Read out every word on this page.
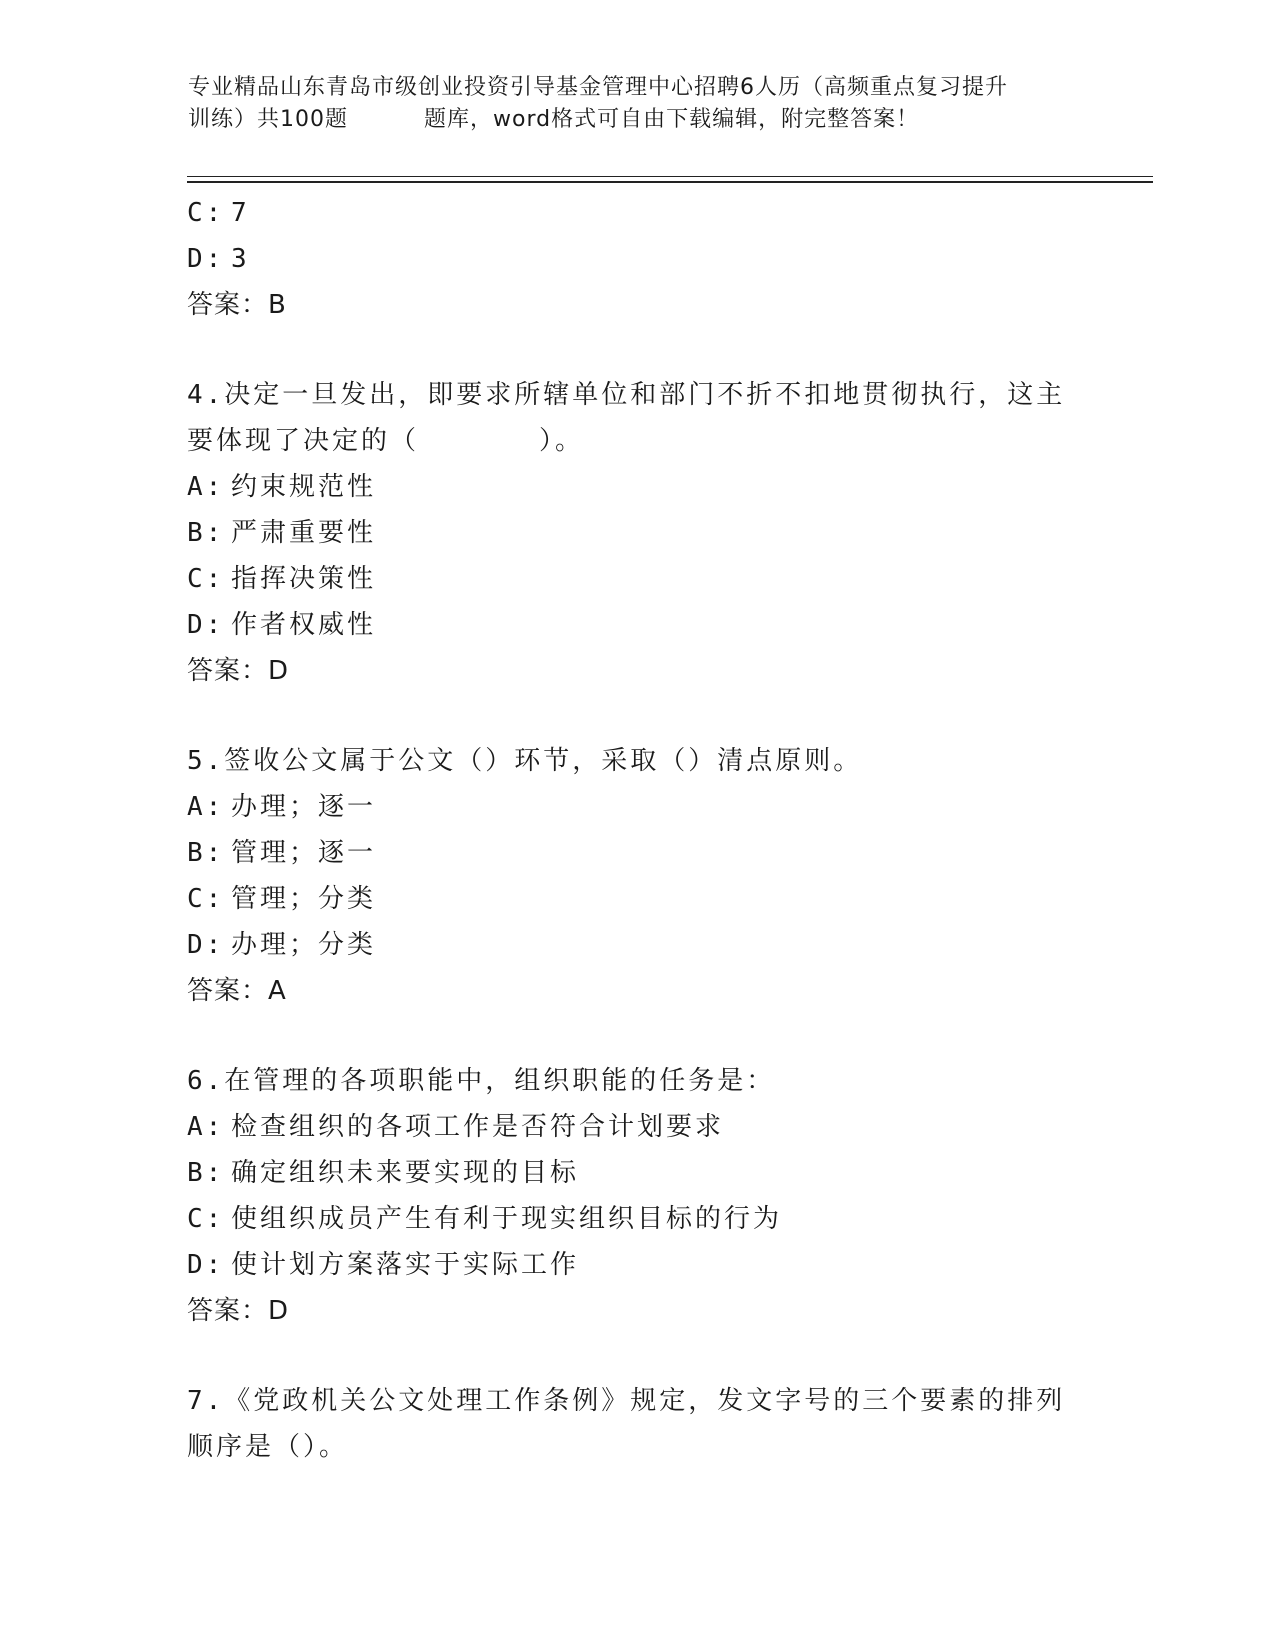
专业精品山东青岛市级创业投资引导基金管理中心招聘6人历（高频重点复习提升
训练）共100题	题库，word格式可自由下载编辑，附完整答案！
C: 7
D: 3
答案：B
4.决定一旦发出，即要求所辖单位和部门不折不扣地贯彻执行，这主
要体现了决定的（	）。
A: 约束规范性
B: 严肃重要性
C: 指挥决策性
D: 作者权威性
答案：D
5.签收公文属于公文（）环节，采取（）清点原则。
A: 办理；逐一
B: 管理；逐一
C: 管理；分类
D: 办理；分类
答案：A
6.在管理的各项职能中，组织职能的任务是：
A: 检查组织的各项工作是否符合计划要求
B: 确定组织未来要实现的目标
C: 使组织成员产生有利于现实组织目标的行为
D: 使计划方案落实于实际工作
答案：D
7.《党政机关公文处理工作条例》规定，发文字号的三个要素的排列
顺序是（）。
